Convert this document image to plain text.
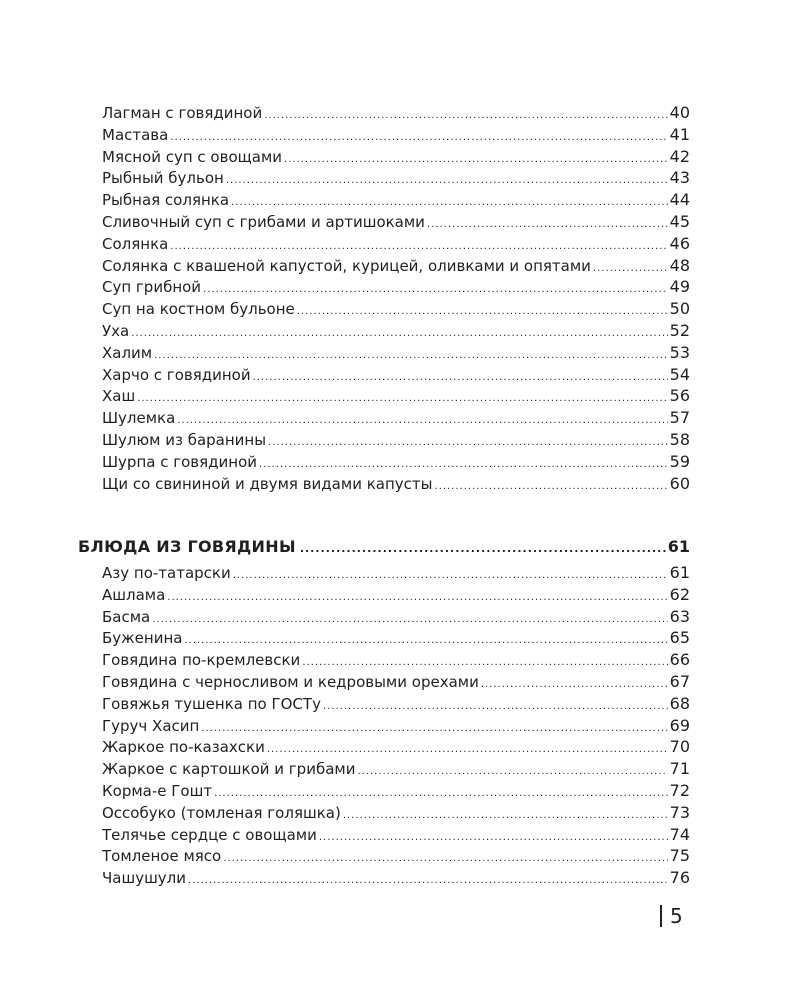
Лагман с говядиной .....	40
Мастава .....	41
Мясной суп с овощами .....	42
Рыбный бульон .....	43
Рыбная солянка .....	44
Сливочный суп с грибами и артишоками .....	45
Солянка .....	46
Солянка с квашеной капустой, курицей, оливками и опятами .....	48
Суп грибной .....	49
Суп на костном бульоне .....	50
Уха .....	52
Халим .....	53
Харчо с говядиной .....	54
Хаш .....	56
Шулемка .....	57
Шулюм из баранины .....	58
Шурпа с говядиной .....	59
Щи со свининой и двумя видами капусты .....	60
БЛЮДА ИЗ ГОВЯДИНЫ .....	61
Азу по-татарски .....	61
Ашлама .....	62
Басма .....	63
Буженина .....	65
Говядина по-кремлевски .....	66
Говядина с черносливом и кедровыми орехами .....	67
Говяжья тушенка по ГОСТу .....	68
Гуруч Хасип .....	69
Жаркое по-казахски .....	70
Жаркое с картошкой и грибами .....	71
Корма-е Гошт .....	72
Оссобуко (томленая голяшка) .....	73
Телячье сердце с овощами .....	74
Томленое мясо .....	75
Чашушули .....	76
5
